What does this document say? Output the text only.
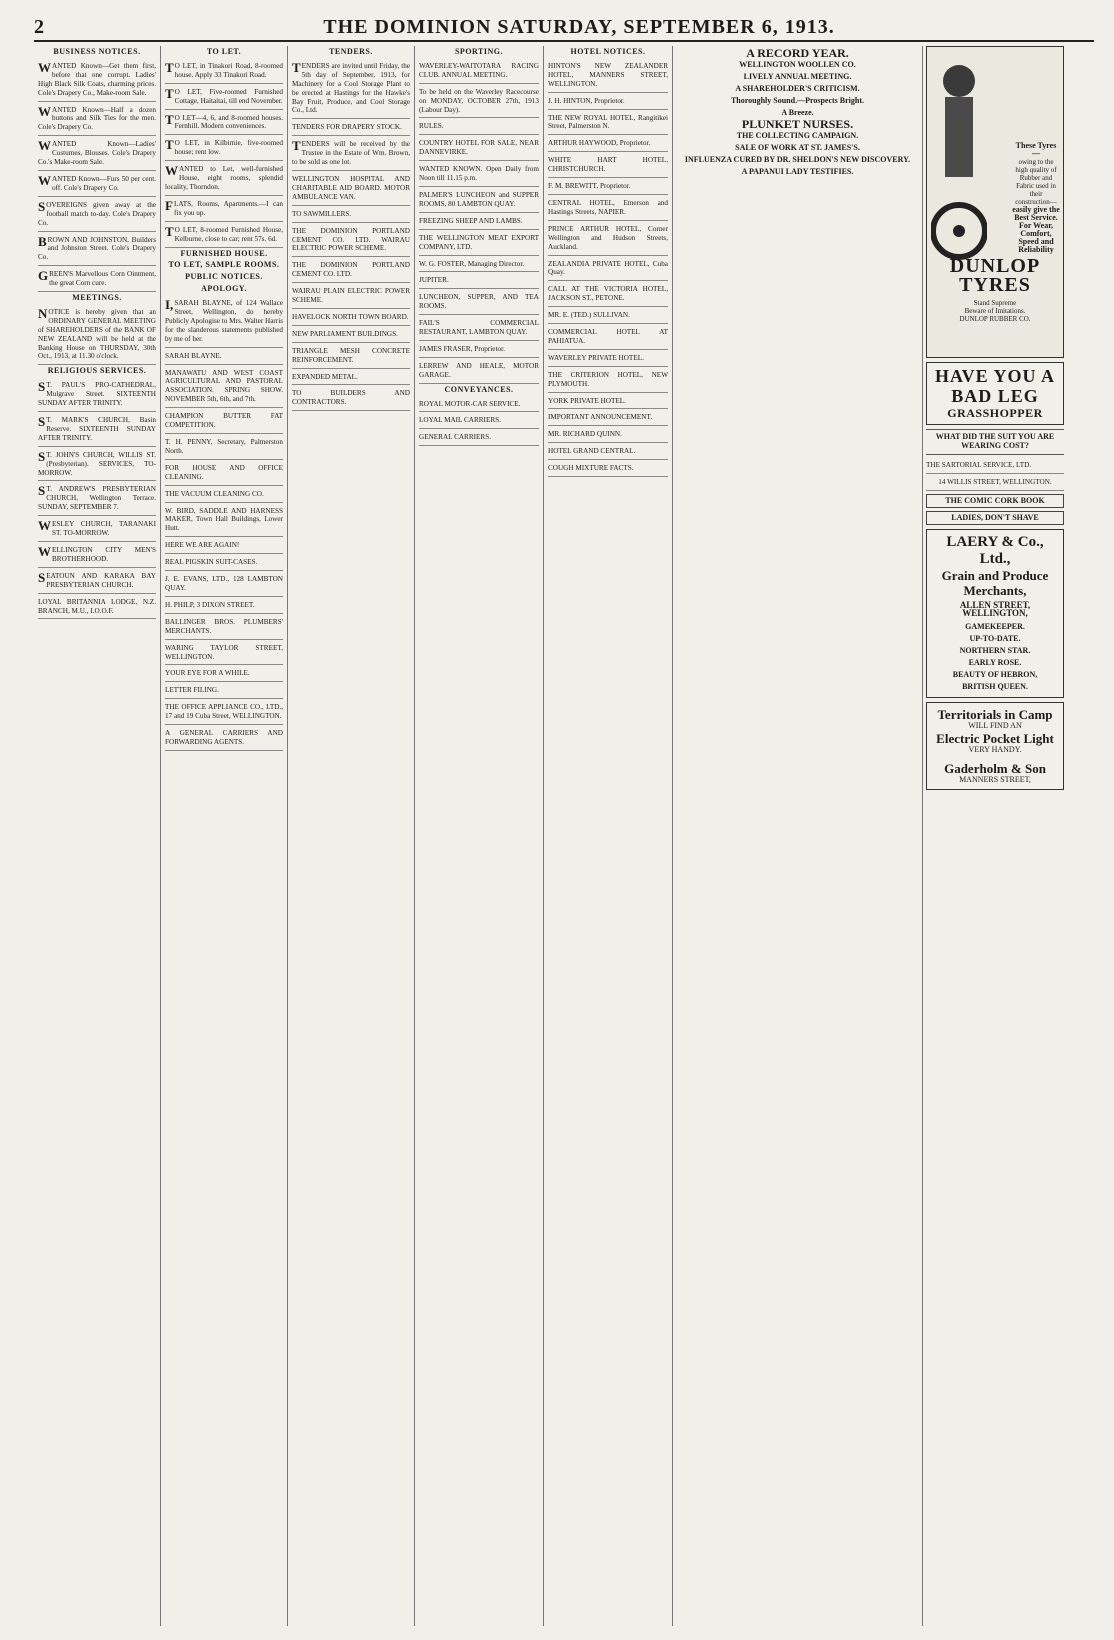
2	THE DOMINION SATURDAY, SEPTEMBER 6, 1913.
BUSINESS NOTICES.
WANTED Known—Get them first, before that one corrupt. Ladies' High Black Silk Coats, charming prices. Cole's Drapery Co., Make-room Sale.
WANTED Known—Half a dozen buttons and Silk Ties for the men. Cole's Drapery Co.
WANTED Known—Ladies' Costumes, Blouses. Cole's Drapery Co.'s Make-room Sale.
WANTED Known—Furs 50 per cent. off. Cole's Drapery Co.
SOVEREIGNS given away at the football match to-day. Cole's Drapery Co.
BROWN AND JOHNSTON, Builders and Johnston Street. Cole's Drapery Co.
GREEN'S Marvellous Corn Ointment, the great Corn cure.
MEETINGS.
NOTICE is hereby given that an ORDINARY GENERAL MEETING of SHAREHOLDERS of the BANK OF NEW ZEALAND will be held at the Banking House on THURSDAY, 30th Oct., 1913, at 11.30 o'clock.
RELIGIOUS SERVICES.
ST. PAUL'S PRO-CATHEDRAL, Mulgrave Street. SIXTEENTH SUNDAY AFTER TRINITY.
ST. MARK'S CHURCH, Basin Reserve. SIXTEENTH SUNDAY AFTER TRINITY.
ST. JOHN'S CHURCH, WILLIS ST. (Presbyterian). SERVICES, TO-MORROW.
ST. ANDREW'S PRESBYTERIAN CHURCH, Wellington Terrace. SUNDAY, SEPTEMBER 7.
WESLEY CHURCH, TARANAKI ST. TO-MORROW.
WELLINGTON CITY MEN'S BROTHERHOOD.
SEATOUN AND KARAKA BAY PRESBYTERIAN CHURCH.
LOYAL BRITANNIA LODGE, N.Z. BRANCH, M.U., I.O.O.F.
TO LET.
TO LET, in Tinakori Road, 8-roomed house. Apply 33 Tinakori Road.
TO LET, Five-roomed Furnished Cottage, Haitaitai, till end November.
TO LET—4, 6, and 8-roomed houses. Fernhill. Modern conveniences.
TO LET, in Kilbirnie, five-roomed house; rent low.
WANTED to Let, well-furnished House, eight rooms, splendid locality, Thorndon.
FLATS, Rooms, Apartments.—I can fix you up.
TO LET, 8-roomed Furnished House, Kelburne, close to car; rent 57s. 6d.
FURNISHED HOUSE.
TO LET, SAMPLE ROOMS.
PUBLIC NOTICES.
APOLOGY.
I,SARAH BLAYNE, of 124 Wallace Street, Wellington, do hereby Publicly Apologise to Mrs. Walter Harris for the slanderous statements published by me of her.
SARAH BLAYNE.
MANAWATU AND WEST COAST AGRICULTURAL AND PASTORAL ASSOCIATION. SPRING SHOW. NOVEMBER 5th, 6th, and 7th.
CHAMPION BUTTER FAT COMPETITION.
T. H. PENNY, Secretary, Palmerston North.
FOR HOUSE AND OFFICE CLEANING.
THE VACUUM CLEANING CO.
W. BIRD, SADDLE AND HARNESS MAKER, Town Hall Buildings, Lower Hutt.
HERE WE ARE AGAIN!
REAL PIGSKIN SUIT-CASES.
J. E. EVANS, LTD., 128 LAMBTON QUAY.
H. PHILP, 3 DIXON STREET.
BALLINGER BROS. PLUMBERS' MERCHANTS.
WARING TAYLOR STREET, WELLINGTON.
YOUR EYE FOR A WHILE.
LETTER FILING.
THE OFFICE APPLIANCE CO., LTD., 17 and 19 Cuba Street, WELLINGTON.
A GENERAL CARRIERS AND FORWARDING AGENTS.
TENDERS.
TENDERS are invited until Friday, the 5th day of September, 1913, for Machinery for a Cool Storage Plant to be erected at Hastings for the Hawke's Bay Fruit, Produce, and Cool Storage Co., Ltd.
TENDERS FOR DRAPERY STOCK.
TENDERS will be received by the Trustee in the Estate of Wm. Brown, to be sold as one lot.
WELLINGTON HOSPITAL AND CHARITABLE AID BOARD. MOTOR AMBULANCE VAN.
TO SAWMILLERS.
THE DOMINION PORTLAND CEMENT CO. LTD. WAIRAU ELECTRIC POWER SCHEME.
THE DOMINION PORTLAND CEMENT CO. LTD.
WAIRAU PLAIN ELECTRIC POWER SCHEME.
HAVELOCK NORTH TOWN BOARD.
NEW PARLIAMENT BUILDINGS.
TRIANGLE MESH CONCRETE REINFORCEMENT.
EXPANDED METAL.
TO BUILDERS AND CONTRACTORS.
SPORTING.
WAVERLEY-WAITOTARA RACING CLUB. ANNUAL MEETING.
To be held on the Waverley Racecourse on MONDAY, OCTOBER 27th, 1913 (Labour Day).
RULES.
COUNTRY HOTEL FOR SALE, NEAR DANNEVIRKE.
WANTED KNOWN. Open Daily from Noon till 11.15 p.m.
PALMER'S LUNCHEON and SUPPER ROOMS, 80 LAMBTON QUAY.
FREEZING SHEEP AND LAMBS.
THE WELLINGTON MEAT EXPORT COMPANY, LTD.
W. G. FOSTER, Managing Director.
JUPITER.
LUNCHEON, SUPPER, AND TEA ROOMS.
FAIL'S COMMERCIAL RESTAURANT, LAMBTON QUAY.
JAMES FRASER, Proprietor.
LERREW AND HEALE, MOTOR GARAGE.
CONVEYANCES.
ROYAL MOTOR-CAR SERVICE.
LOYAL MAIL CARRIERS.
GENERAL CARRIERS.
HOTEL NOTICES.
HINTON'S NEW ZEALANDER HOTEL, MANNERS STREET, WELLINGTON.
J. H. HINTON, Proprietor.
THE NEW ROYAL HOTEL, Rangitikei Street, Palmerston N.
ARTHUR HAYWOOD, Proprietor.
WHITE HART HOTEL, CHRISTCHURCH.
F. M. BREWITT, Proprietor.
CENTRAL HOTEL, Emerson and Hastings Streets, NAPIER.
PRINCE ARTHUR HOTEL, Corner Wellington and Hudson Streets, Auckland.
ZEALANDIA PRIVATE HOTEL, Cuba Quay.
CALL AT THE VICTORIA HOTEL, JACKSON ST., PETONE.
MR. E. (TED.) SULLIVAN.
COMMERCIAL HOTEL AT PAHIATUA.
WAVERLEY PRIVATE HOTEL.
THE CRITERION HOTEL, NEW PLYMOUTH.
YORK PRIVATE HOTEL.
IMPORTANT ANNOUNCEMENT.
MR. RICHARD QUINN.
HOTEL GRAND CENTRAL.
COUGH MIXTURE FACTS.
A RECORD YEAR.
WELLINGTON WOOLLEN CO.
LIVELY ANNUAL MEETING.
A SHAREHOLDER'S CRITICISM.
Thoroughly Sound.—Prospects Bright.
A Breeze.
PLUNKET NURSES.
THE COLLECTING CAMPAIGN.
SALE OF WORK AT ST. JAMES'S.
INFLUENZA CURED BY DR. SHELDON'S NEW DISCOVERY.
A PAPANUI LADY TESTIFIES.
These Tyres—
owing to the high quality of Rubber and Fabric used in their construction—
easily give the Best Service.
For Wear, Comfort, Speed and Reliability
DUNLOP TYRES
Stand Supreme
Beware of Imitations.
DUNLOP RUBBER CO.
HAVE YOU A BAD LEG
GRASSHOPPER
WHAT DID THE SUIT YOU ARE WEARING COST?
THE SARTORIAL SERVICE, LTD.
14 WILLIS STREET, WELLINGTON.
THE COMIC CORK BOOK
LADIES, DON'T SHAVE
LAERY & Co., Ltd.,
Grain and Produce Merchants,
ALLEN STREET, WELLINGTON,
GAMEKEEPER.
UP-TO-DATE.
NORTHERN STAR.
EARLY ROSE.
BEAUTY OF HEBRON,
BRITISH QUEEN.
Territorials in Camp
WILL FIND AN
Electric Pocket Light
VERY HANDY.
Gaderholm & Son
MANNERS STREET,
